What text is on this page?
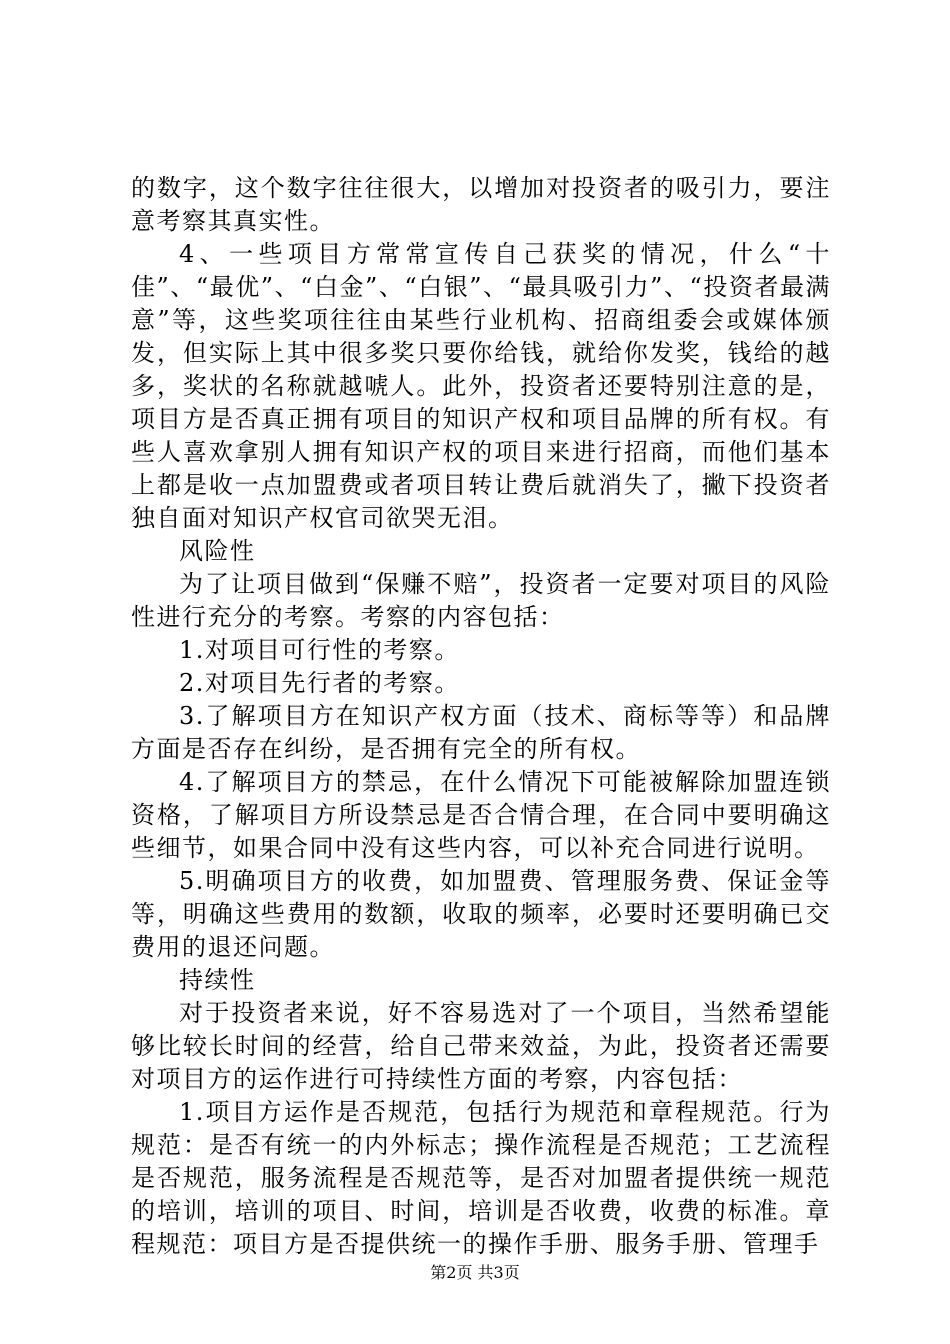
的数字，这个数字往往很大，以增加对投资者的吸引力，要注意考察其真实性。

4、一些项目方常常宣传自己获奖的情况，什么“十佳”、“最优”、“白金”、“白银”、“最具吸引力”、“投资者最满意”等，这些奖项往往由某些行业机构、招商组委会或媒体颁发，但实际上其中很多奖只要你给钱，就给你发奖，钱给的越多，奖状的名称就越唬人。此外，投资者还要特别注意的是，项目方是否真正拥有项目的知识产权和项目品牌的所有权。有些人喜欢拿别人拥有知识产权的项目来进行招商，而他们基本上都是收一点加盟费或者项目转让费后就消失了，撇下投资者独自面对知识产权官司欲哭无泪。

风险性

为了让项目做到“保赚不赔”，投资者一定要对项目的风险性进行充分的考察。考察的内容包括：

1.对项目可行性的考察。

2.对项目先行者的考察。

3.了解项目方在知识产权方面（技术、商标等等）和品牌方面是否存在纠纷，是否拥有完全的所有权。

4.了解项目方的禁忌，在什么情况下可能被解除加盟连锁资格，了解项目方所设禁忌是否合情合理，在合同中要明确这些细节，如果合同中没有这些内容，可以补充合同进行说明。

5.明确项目方的收费，如加盟费、管理服务费、保证金等等，明确这些费用的数额，收取的频率，必要时还要明确已交费用的退还问题。

持续性

对于投资者来说，好不容易选对了一个项目，当然希望能够比较长时间的经营，给自己带来效益，为此，投资者还需要对项目方的运作进行可持续性方面的考察，内容包括：

1.项目方运作是否规范，包括行为规范和章程规范。行为规范：是否有统一的内外标志；操作流程是否规范；工艺流程是否规范，服务流程是否规范等，是否对加盟者提供统一规范的培训，培训的项目、时间，培训是否收费，收费的标准。章程规范：项目方是否提供统一的操作手册、服务手册、管理手

第2页 共3页
